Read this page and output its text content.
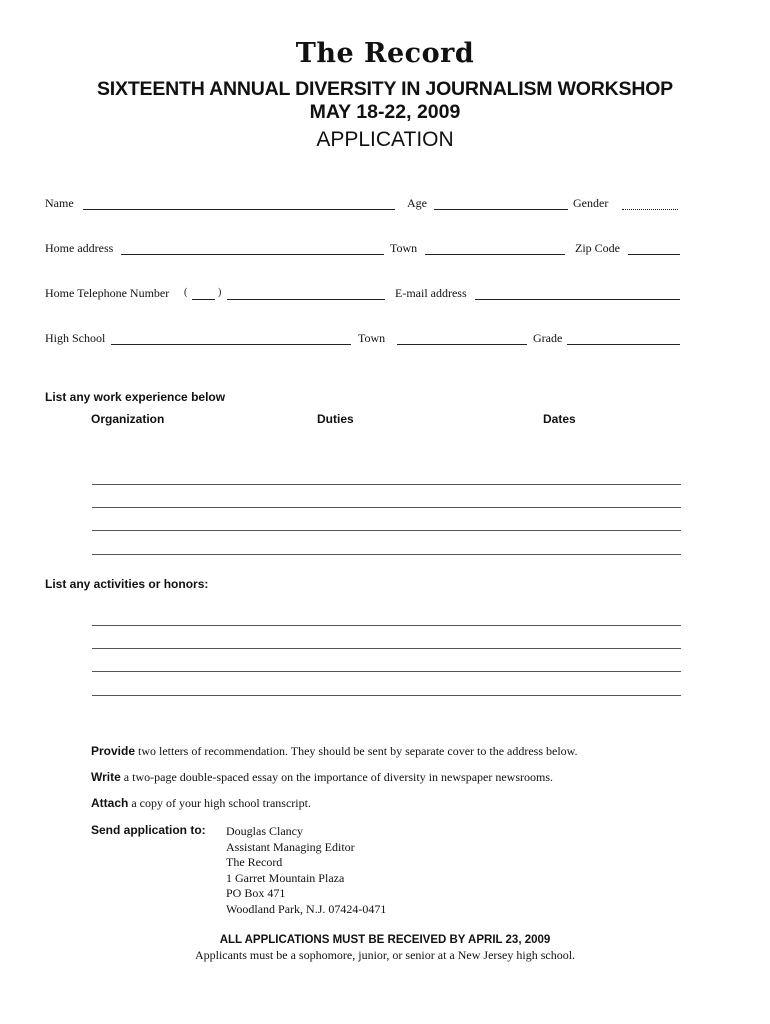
The Record
SIXTEENTH ANNUAL DIVERSITY IN JOURNALISM WORKSHOP
MAY 18-22, 2009
APPLICATION
Name	Age	Gender
Home address	Town	Zip Code
Home Telephone Number (	)	E-mail address
High School	Town	Grade
List any work experience below
Organization	Duties	Dates
List any activities or honors:
Provide two letters of recommendation. They should be sent by separate cover to the address below.
Write a two-page double-spaced essay on the importance of diversity in newspaper newsrooms.
Attach a copy of your high school transcript.
Send application to:	Douglas Clancy
Assistant Managing Editor
The Record
1 Garret Mountain Plaza
PO Box 471
Woodland Park, N.J. 07424-0471
ALL APPLICATIONS MUST BE RECEIVED BY APRIL 23, 2009
Applicants must be a sophomore, junior, or senior at a New Jersey high school.
